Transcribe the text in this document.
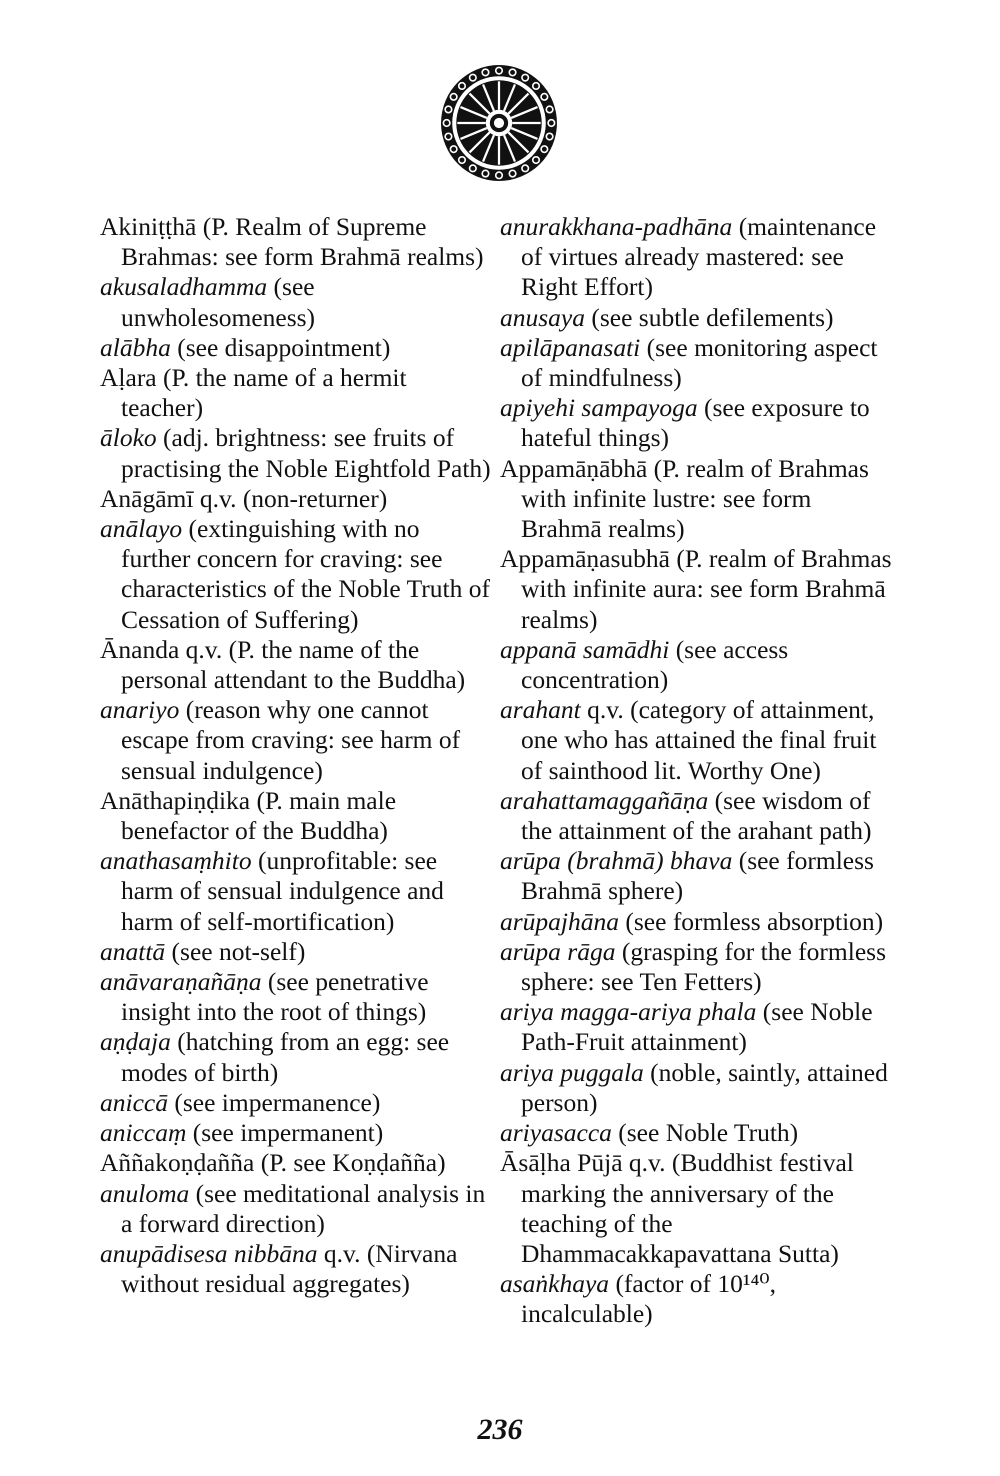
Akiniṭṭhā (P. Realm of Supreme Brahmas: see form Brahmā realms)

akusaladhamma (see unwholesomeness)

alābha (see disappointment)

Aḷara (P. the name of a hermit teacher)

āloko (adj. brightness: see fruits of practising the Noble Eightfold Path)

Anāgāmī q.v. (non-returner)

anālayo (extinguishing with no further concern for craving: see characteristics of the Noble Truth of Cessation of Suffering)

Ānanda q.v. (P. the name of the personal attendant to the Buddha)

anariyo (reason why one cannot escape from craving: see harm of sensual indulgence)

Anāthapiṇḍika (P. main male benefactor of the Buddha)

anathasaṃhito (unprofitable: see harm of sensual indulgence and harm of self-mortification)

anattā (see not-self)

anāvaraṇañāṇa (see penetrative insight into the root of things)

aṇḍaja (hatching from an egg: see modes of birth)

aniccā (see impermanence)

aniccaṃ (see impermanent)

Aññakoṇḍañña (P. see Koṇḍañña)

anuloma (see meditational analysis in a forward direction)

anupādisesa nibbāna q.v. (Nirvana without residual aggregates)

anurakkhana-padhāna (maintenance of virtues already mastered: see Right Effort)

anusaya (see subtle defilements)

apilāpanasati (see monitoring aspect of mindfulness)

apiyehi sampayoga (see exposure to hateful things)

Appamāṇābhā (P. realm of Brahmas with infinite lustre: see form Brahmā realms)

Appamāṇasubhā (P. realm of Brahmas with infinite aura: see form Brahmā realms)

appanā samādhi (see access concentration)

arahant q.v. (category of attainment, one who has attained the final fruit of sainthood lit. Worthy One)

arahattamaggañāṇa (see wisdom of the attainment of the arahant path)

arūpa (brahmā) bhava (see formless Brahmā sphere)

arūpajhāna (see formless absorption)

arūpa rāga (grasping for the formless sphere: see Ten Fetters)

ariya magga-ariya phala (see Noble Path-Fruit attainment)

ariya puggala (noble, saintly, attained person)

ariyasacca (see Noble Truth)

Āsāḷha Pūjā q.v. (Buddhist festival marking the anniversary of the teaching of the Dhammacakkapavattana Sutta)

asaṅkhaya (factor of 10¹⁴⁰, incalculable)

236
